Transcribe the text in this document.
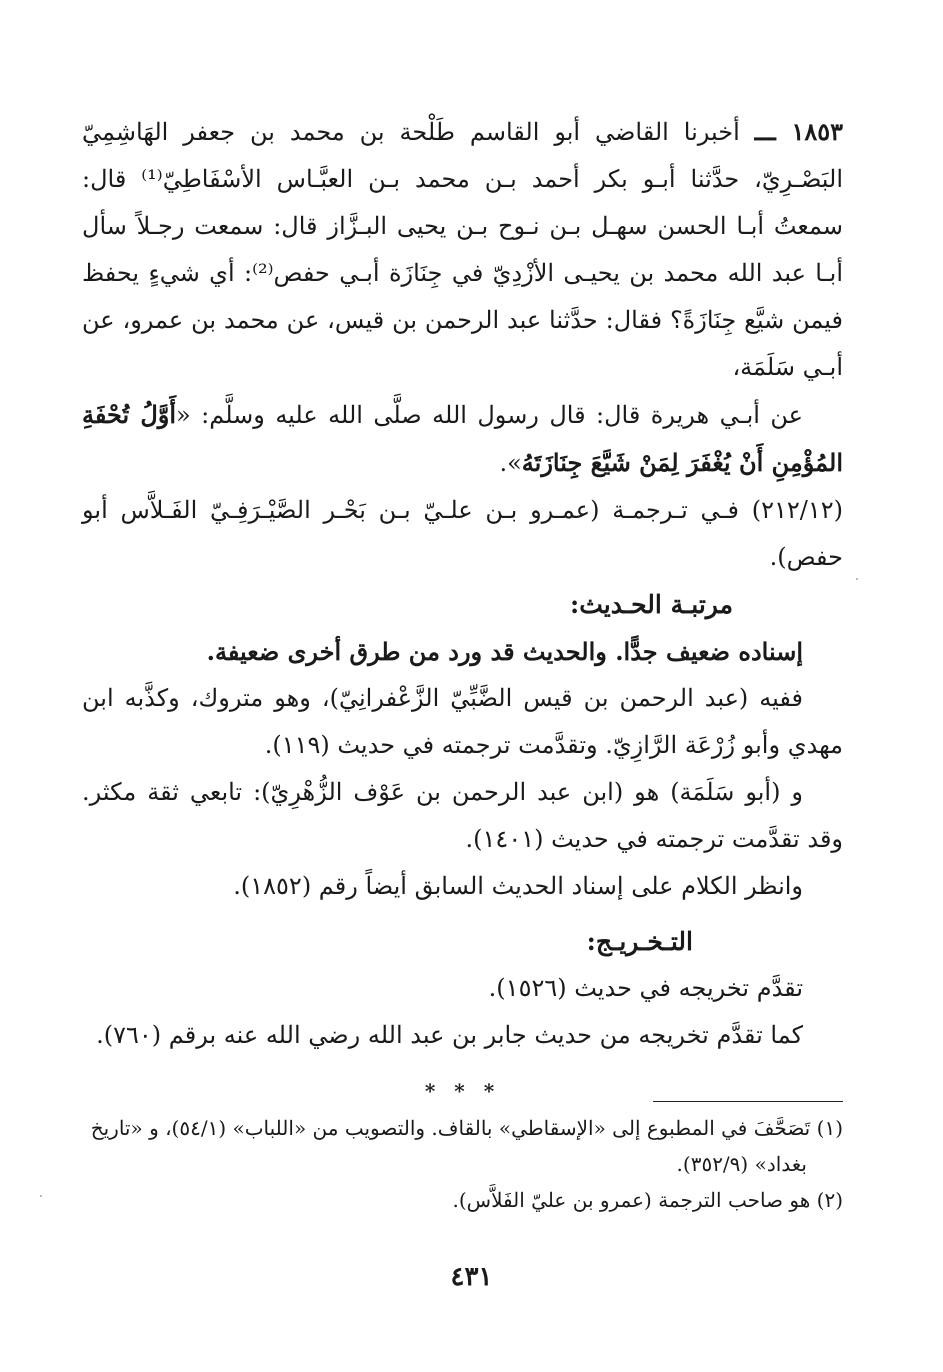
١٨٥٣ ـــ أخبرنا القاضي أبو القاسم طَلْحة بن محمد بن جعفر الهَاشِمِيّ البَصْـرِيّ، حدَّثنا أبـو بكر أحمد بـن محمد بـن العبَّـاس الأسْفَاطِيّ⁽¹⁾ قال: سمعتُ أبـا الحسن سهـل بـن نـوح بـن يحيى البـزَّاز قال: سمعت رجـلاً سأل أبـا عبد الله محمد بن يحيـى الأزْدِيّ في جِنَازَة أبـي حفص⁽²⁾: أي شيءٍ يحفظ فيمن شيَّع جِنَازَةً؟ فقال: حدَّثنا عبد الرحمن بن قيس، عن محمد بن عمرو، عن أبـي سَلَمَة،

عن أبـي هريرة قال: قال رسول الله صلَّى الله عليه وسلَّم: «أَوَّلُ تُحْفَةِ المُؤْمِنِ أَنْ يُغْفَرَ لِمَنْ شَيَّعَ جِنَازَتَهُ».

(٢١٢/١٢) فـي تـرجمـة (عمـرو بـن علـيّ بـن بَحْـر الصَّيْـرَفِـيّ الفَـلاَّس أبو حفص).

مرتبـة الحـديث:

إسناده ضعيف جدًّا. والحديث قد ورد من طرق أخرى ضعيفة.

ففيه (عبد الرحمن بن قيس الضَّبِّيّ الزَّعْفرانِيّ)، وهو متروك، وكذَّبه ابن مهدي وأبو زُرْعَة الرَّازِيّ. وتقدَّمت ترجمته في حديث (١١٩).

و (أبو سَلَمَة) هو (ابن عبد الرحمن بن عَوْف الزُّهْرِيّ): تابعي ثقة مكثر. وقد تقدَّمت ترجمته في حديث (١٤٠١).

وانظر الكلام على إسناد الحديث السابق أيضاً رقم (١٨٥٢).

التـخـريـج:

تقدَّم تخريجه في حديث (١٥٢٦).

كما تقدَّم تخريجه من حديث جابر بن عبد الله رضي الله عنه برقم (٧٦٠).

* * *

(١) تَصَحَّفَ في المطبوع إلى «الإسقاطي» بالقاف. والتصويب من «اللباب» (٥٤/١)، و «تاريخ

بغداد» (٣٥٢/٩).

(٢) هو صاحب الترجمة (عمرو بن عليّ الفَلاَّس).

٤٣١
